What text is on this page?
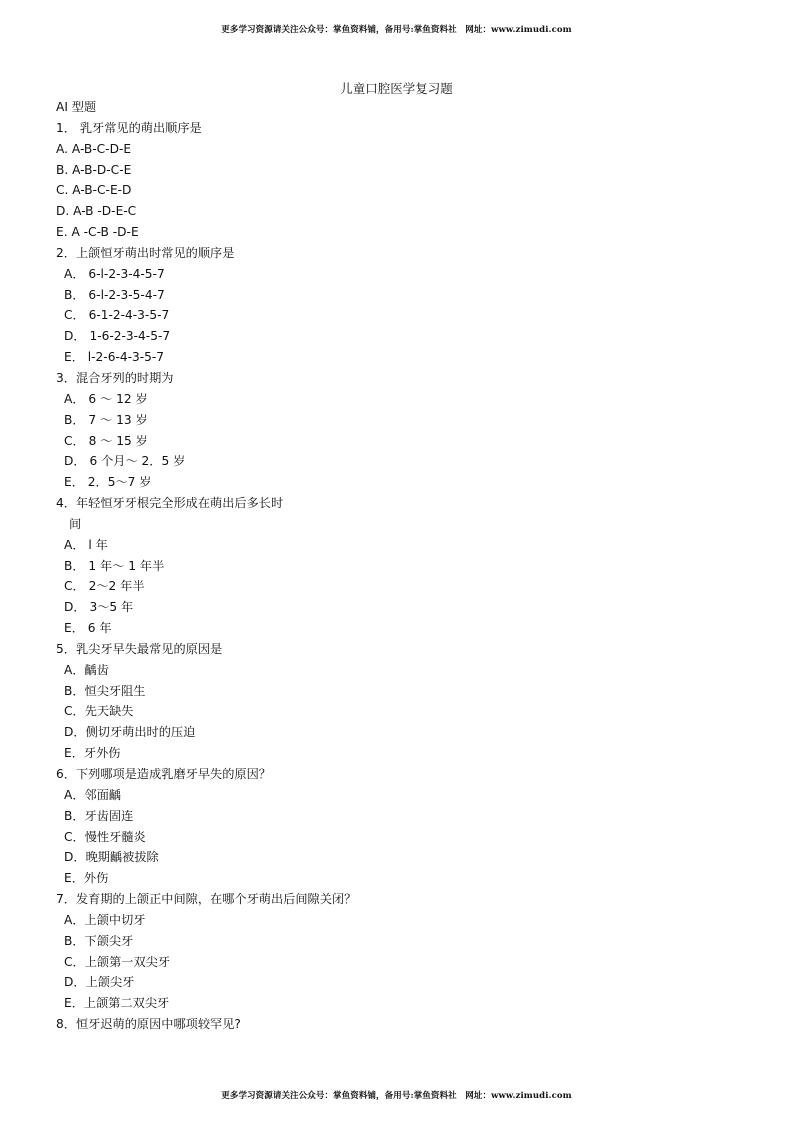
更多学习资源请关注公众号：掌鱼资料铺，备用号:掌鱼资料社　网址：www.zimudi.com
儿童口腔医学复习题
AI 型题
1． 乳牙常见的萌出顺序是
A. A-B-C-D-E
B. A-B-D-C-E
C. A-B-C-E-D
D. A-B -D-E-C
E. A -C-B -D-E
2．上颌恒牙萌出时常见的顺序是
A． 6-l-2-3-4-5-7
B． 6-l-2-3-5-4-7
C． 6-1-2-4-3-5-7
D． 1-6-2-3-4-5-7
E． l-2-6-4-3-5-7
3．混合牙列的时期为
A． 6 ～ 12 岁
B． 7 ～ 13 岁
C． 8 ～ 15 岁
D． 6 个月～ 2．5 岁
E． 2．5～7 岁
4．年轻恒牙牙根完全形成在萌出后多长时
间
A． l 年
B． 1 年～ 1 年半
C． 2～2 年半
D． 3～5 年
E． 6 年
5．乳尖牙早失最常见的原因是
A．齲齿
B．恒尖牙阻生
C．先天缺失
D．侧切牙萌出时的压迫
E．牙外伤
6．下列哪项是造成乳磨牙早失的原因？
A．邻面齲
B．牙齿固连
C．慢性牙髓炎
D．晚期齲被拔除
E．外伤
7．发育期的上颌正中间隙，在哪个牙萌出后间隙关闭？
A．上颌中切牙
B．下颌尖牙
C．上颌第一双尖牙
D．上颌尖牙
E．上颌第二双尖牙
8．恒牙迟萌的原因中哪项较罕见?
更多学习资源请关注公众号：掌鱼资料铺，备用号:掌鱼资料社　网址：www.zimudi.com
